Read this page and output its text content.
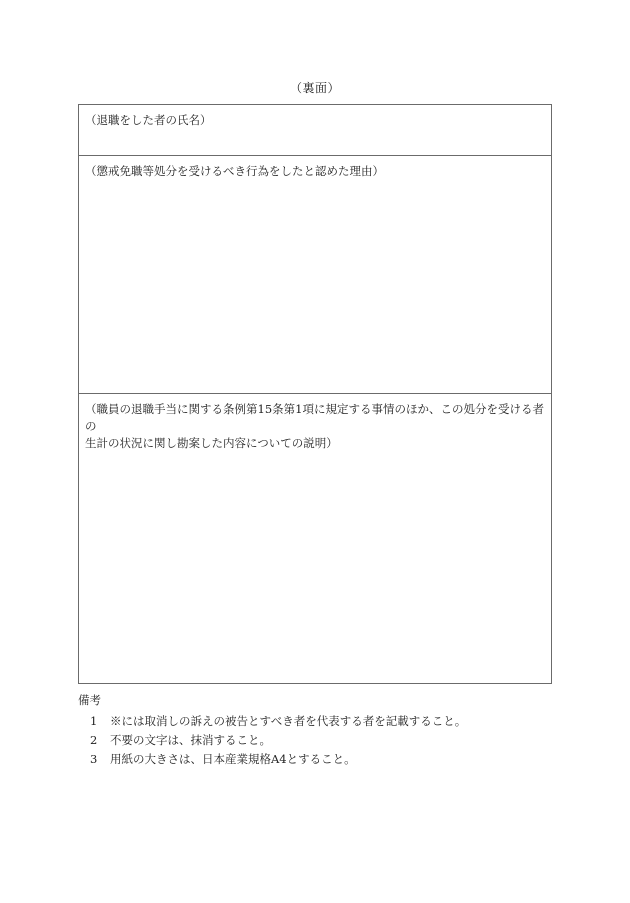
（裏面）
（退職をした者の氏名）
（懲戒免職等処分を受けるべき行為をしたと認めた理由）
（職員の退職手当に関する条例第15条第1項に規定する事情のほか、この処分を受ける者の
生計の状況に関し勘案した内容についての説明）
備考
1	※には取消しの訴えの被告とすべき者を代表する者を記載すること。
2	不要の文字は、抹消すること。
3	用紙の大きさは、日本産業規格A4とすること。
